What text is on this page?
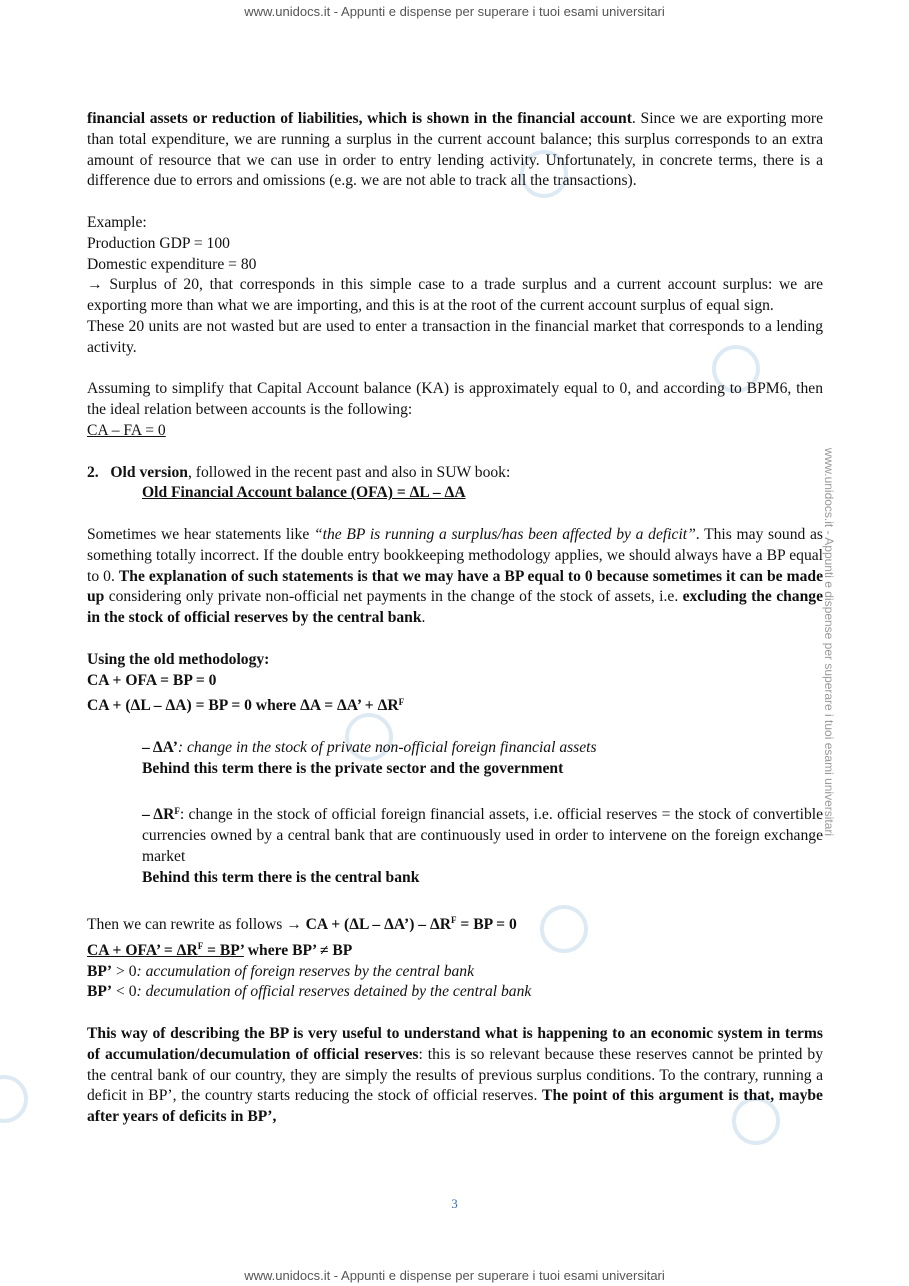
www.unidocs.it - Appunti e dispense per superare i tuoi esami universitari
www.unidocs.it - Appunti e dispense per superare i tuoi esami universitari
www.unidocs.it - Appunti e dispense per superare i tuoi esami universitari

financial assets or reduction of liabilities, which is shown in the financial account. Since we are exporting more than total expenditure, we are running a surplus in the current account balance; this surplus corresponds to an extra amount of resource that we can use in order to entry lending activity. Unfortunately, in concrete terms, there is a difference due to errors and omissions (e.g. we are not able to track all the transactions).

Example:

Production GDP = 100

Domestic expenditure = 80

→ Surplus of 20, that corresponds in this simple case to a trade surplus and a current account surplus: we are exporting more than what we are importing, and this is at the root of the current account surplus of equal sign.

These 20 units are not wasted but are used to enter a transaction in the financial market that corresponds to a lending activity.

Assuming to simplify that Capital Account balance (KA) is approximately equal to 0, and according to BPM6, then the ideal relation between accounts is the following:

CA – FA = 0

2. Old version, followed in the recent past and also in SUW book:

Old Financial Account balance (OFA) = ΔL – ΔA

Sometimes we hear statements like “the BP is running a surplus/has been affected by a deficit”. This may sound as something totally incorrect. If the double entry bookkeeping methodology applies, we should always have a BP equal to 0. The explanation of such statements is that we may have a BP equal to 0 because sometimes it can be made up considering only private non-official net payments in the change of the stock of assets, i.e. excluding the change in the stock of official reserves by the central bank.

Using the old methodology:

CA + OFA = BP = 0

CA + (ΔL – ΔA) = BP = 0 where ΔA = ΔA’ + $\Delta R^F$

– ΔA’: change in the stock of private non-official foreign financial assets

Behind this term there is the private sector and the government

– $\Delta R^F$: change in the stock of official foreign financial assets, i.e. official reserves = the stock of convertible currencies owned by a central bank that are continuously used in order to intervene on the foreign exchange market

Behind this term there is the central bank

Then we can rewrite as follows → CA + (ΔL – ΔA’) – $\Delta R^F$ = BP = 0

CA + OFA’ = $\Delta R^F$ = BP’ where BP’ ≠ BP

BP’ > 0: accumulation of foreign reserves by the central bank

BP’ < 0: decumulation of official reserves detained by the central bank

This way of describing the BP is very useful to understand what is happening to an economic system in terms of accumulation/decumulation of official reserves: this is so relevant because these reserves cannot be printed by the central bank of our country, they are simply the results of previous surplus conditions. To the contrary, running a deficit in BP’, the country starts reducing the stock of official reserves. The point of this argument is that, maybe after years of deficits in BP’,

3
